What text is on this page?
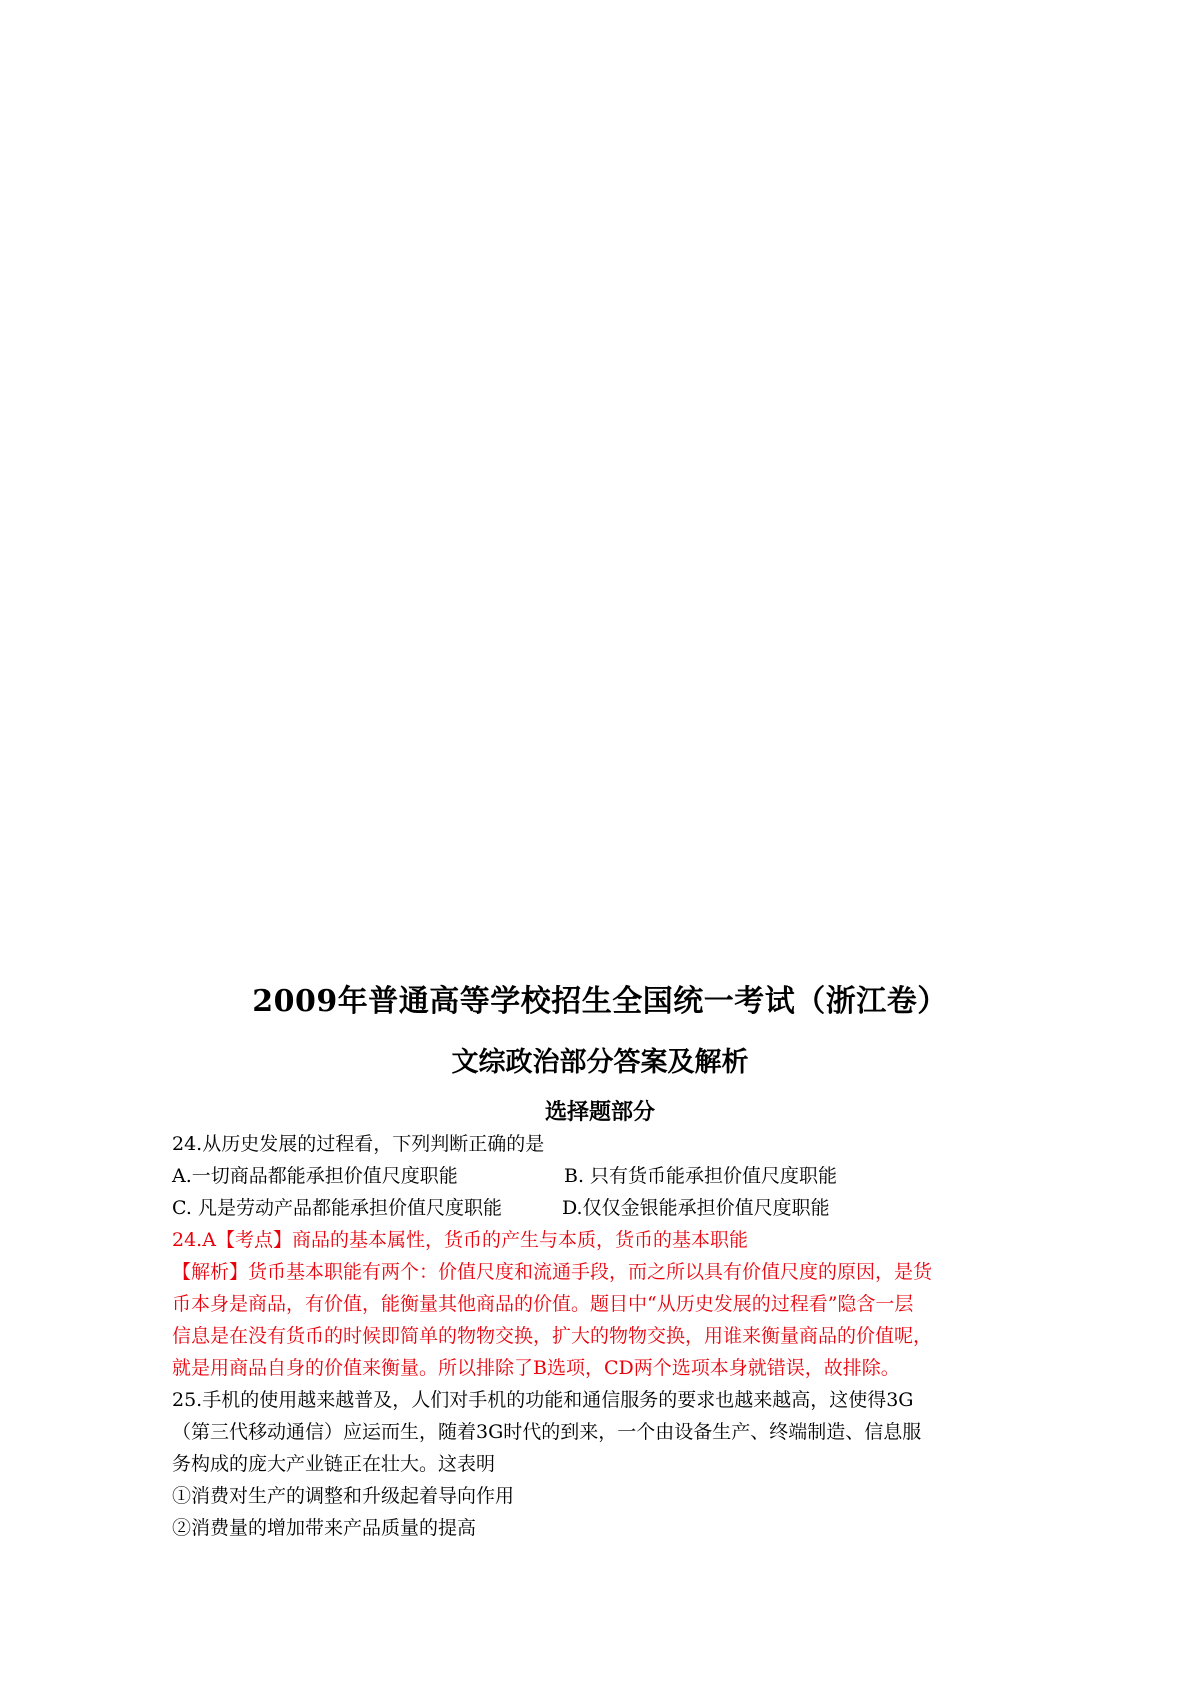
2009年普通高等学校招生全国统一考试（浙江卷）
文综政治部分答案及解析
选择题部分
24.从历史发展的过程看，下列判断正确的是
A.一切商品都能承担价值尺度职能	B. 只有货币能承担价值尺度职能
C. 凡是劳动产品都能承担价值尺度职能	D.仅仅金银能承担价值尺度职能
24.A【考点】商品的基本属性，货币的产生与本质，货币的基本职能
【解析】货币基本职能有两个：价值尺度和流通手段，而之所以具有价值尺度的原因，是货
币本身是商品，有价值，能衡量其他商品的价值。题目中“从历史发展的过程看”隐含一层
信息是在没有货币的时候即简单的物物交换，扩大的物物交换，用谁来衡量商品的价值呢，
就是用商品自身的价值来衡量。所以排除了B选项，CD两个选项本身就错误，故排除。
25.手机的使用越来越普及，人们对手机的功能和通信服务的要求也越来越高，这使得3G
（第三代移动通信）应运而生，随着3G时代的到来，一个由设备生产、终端制造、信息服
务构成的庞大产业链正在壮大。这表明
①消费对生产的调整和升级起着导向作用
②消费量的增加带来产品质量的提高
